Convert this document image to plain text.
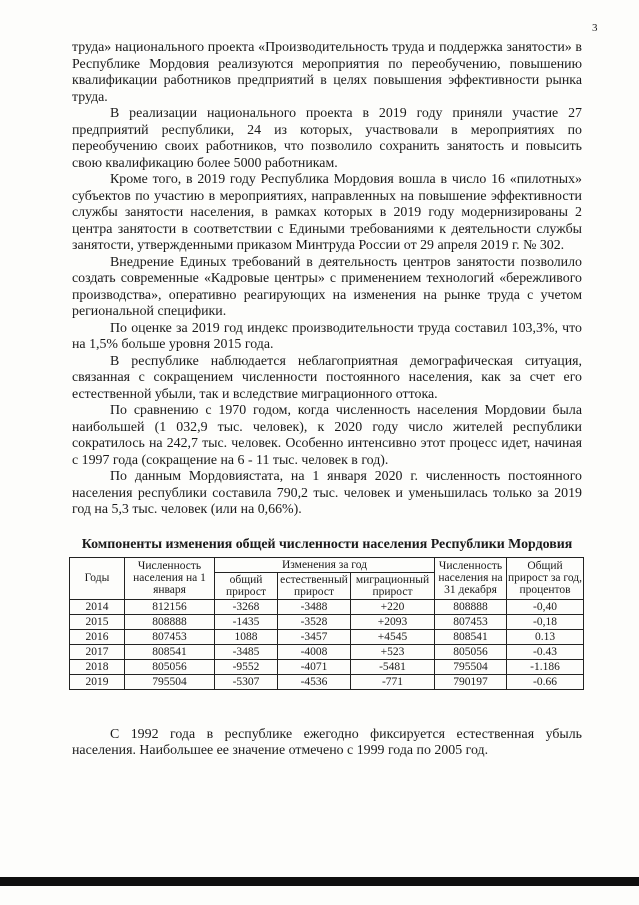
3

труда» национального проекта «Производительность труда и поддержка занятости» в Республике Мордовия реализуются мероприятия по переобучению, повышению квалификации работников предприятий в целях повышения эффективности рынка труда.

В реализации национального проекта в 2019 году приняли участие 27 предприятий республики, 24 из которых, участвовали в мероприятиях по переобучению своих работников, что позволило сохранить занятость и повысить свою квалификацию более 5000 работникам.

Кроме того, в 2019 году Республика Мордовия вошла в число 16 «пилотных» субъектов по участию в мероприятиях, направленных на повышение эффективности службы занятости населения, в рамках которых в 2019 году модернизированы 2 центра занятости в соответствии с Едиными требованиями к деятельности службы занятости, утвержденными приказом Минтруда России от 29 апреля 2019 г. № 302.

Внедрение Единых требований в деятельность центров занятости позволило создать современные «Кадровые центры» с применением технологий «бережливого производства», оперативно реагирующих на изменения на рынке труда с учетом региональной специфики.

По оценке за 2019 год индекс производительности труда составил 103,3%, что на 1,5% больше уровня 2015 года.

В республике наблюдается неблагоприятная демографическая ситуация, связанная с сокращением численности постоянного населения, как за счет его естественной убыли, так и вследствие миграционного оттока.

По сравнению с 1970 годом, когда численность населения Мордовии была наибольшей (1 032,9 тыс. человек), к 2020 году число жителей республики сократилось на 242,7 тыс. человек. Особенно интенсивно этот процесс идет, начиная с 1997 года (сокращение на 6 - 11 тыс. человек в год).

По данным Мордовиястата, на 1 января 2020 г. численность постоянного населения республики составила 790,2 тыс. человек и уменьшилась только за 2019 год на 5,3 тыс. человек (или на 0,66%).

Компоненты изменения общей численности населения Республики Мордовия
Годы	Численность населения на 1 января	Изменения за год			Численность населения на 31 декабря	Общий прирост за год, процентов
		общий прирост	естественный прирост	миграционный прирост		
2014	812156	-3268	-3488	+220	808888	-0,40
2015	808888	-1435	-3528	+2093	807453	-0,18
2016	807453	1088	-3457	+4545	808541	0.13
2017	808541	-3485	-4008	+523	805056	-0.43
2018	805056	-9552	-4071	-5481	795504	-1.186
2019	795504	-5307	-4536	-771	790197	-0.66

С 1992 года в республике ежегодно фиксируется естественная убыль населения. Наибольшее ее значение отмечено с 1999 года по 2005 год.
